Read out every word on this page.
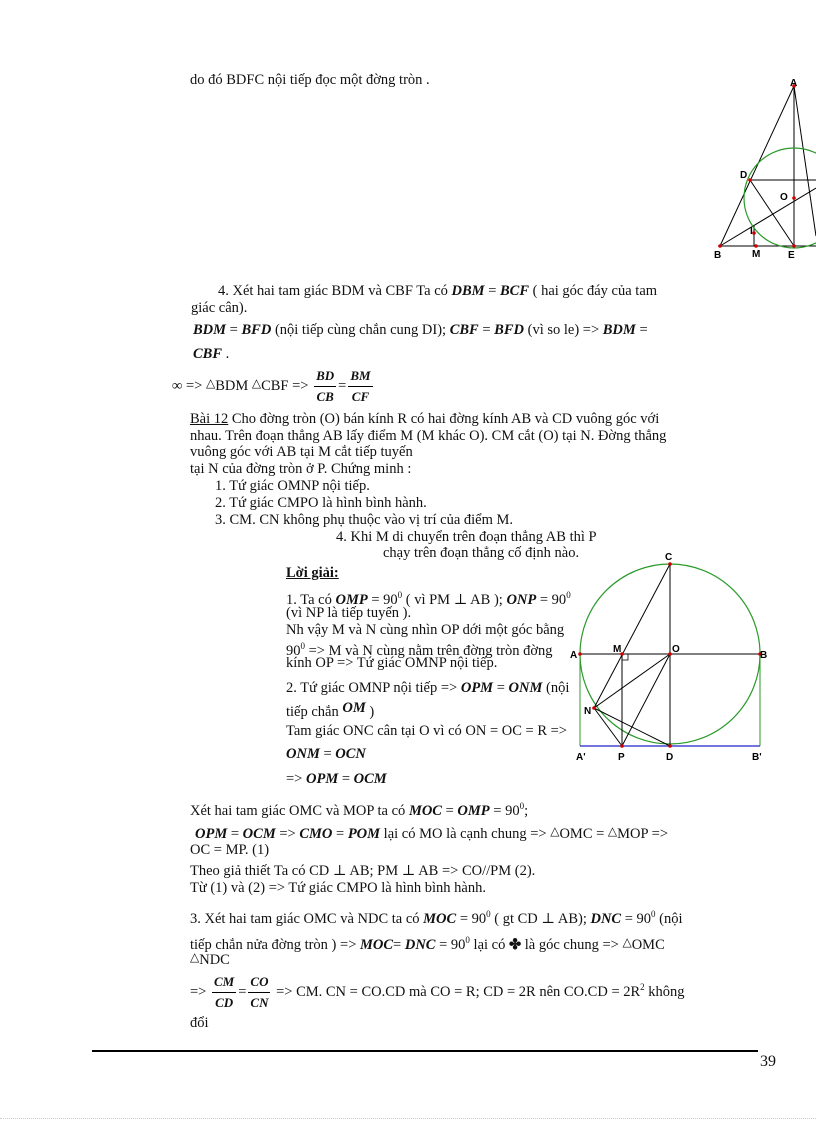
do đó BDFC nội tiếp đọc một đờng tròn .	A
D
O
I
B	M	E
4. Xét hai tam giác BDM và CBF Ta có DBM = BCF ( hai góc đáy của tam
giác cân).
BDM = BFD (nội tiếp cùng chắn cung DI); CBF = BFD (vì so le) => BDM =
CBF .
∞ => △BDM $^\triangle CBF => \frac{BD}{CB} = \frac{BM}{CF}$
Bài 12 Cho đờng tròn (O) bán kính R có hai đờng kính AB và CD vuông góc với
nhau. Trên đoạn thẳng AB lấy điểm M (M khác O). CM cắt (O) tại N. Đờng thẳng
vuông góc với AB tại M cắt tiếp tuyến
tại N của đờng tròn ở P. Chứng minh :
1. Tứ giác OMNP nội tiếp.
2. Tứ giác CMPO là hình bình hành.
3. CM. CN không phụ thuộc vào vị trí của điểm M.
4. Khi M di chuyển trên đoạn thẳng AB thì P
chạy trên đoạn thẳng cố định nào.
Lời giải:
1. Ta có OMP = $90^0$ ( vì PM ⊥ AB ); ONP = $90^0$
(vì NP là tiếp tuyến ).
Nh vậy M và N cùng nhìn OP dới một góc bằng
$90^0 => M$ và N cùng nằm trên đờng tròn đờng
kính OP => Tứ giác OMNP nội tiếp.
2. Tứ giác OMNP nội tiếp => OPM = ONM (nội
tiếp chắn OM )
Tam giác ONC cân tại O vì có ON = OC = R =>
ONM = OCN
=> OPM = OCM
C
A
M	O
B
N
A'	P	D	B'
Xét hai tam giác OMC và MOP ta có MOC = OMP = $90^0$;
OPM = OCM => CMO = POM lại có MO là cạnh chung => △OMC = △MOP =>
OC = MP. (1)
Theo giả thiết Ta có CD ⊥ AB; PM ⊥ AB => CO//PM (2).
Từ (1) và (2) => Tứ giác CMPO là hình bình hành.
3. Xét hai tam giác OMC và NDC ta có MOC = $90^0$ ( gt CD ⊥ AB); DNC = $90^0$ (nội
tiếp chắn nửa đờng tròn ) => MOC= DNC = $90^0$ lại có ✤ là góc chung => △OMC
△NDC
=> $\frac{CM}{CD} = \frac{CO}{CN}$ => CM. CN = CO.CD mà CO = R; CD = 2R nên $CO.CD = 2R^2$ không
đổi
39
